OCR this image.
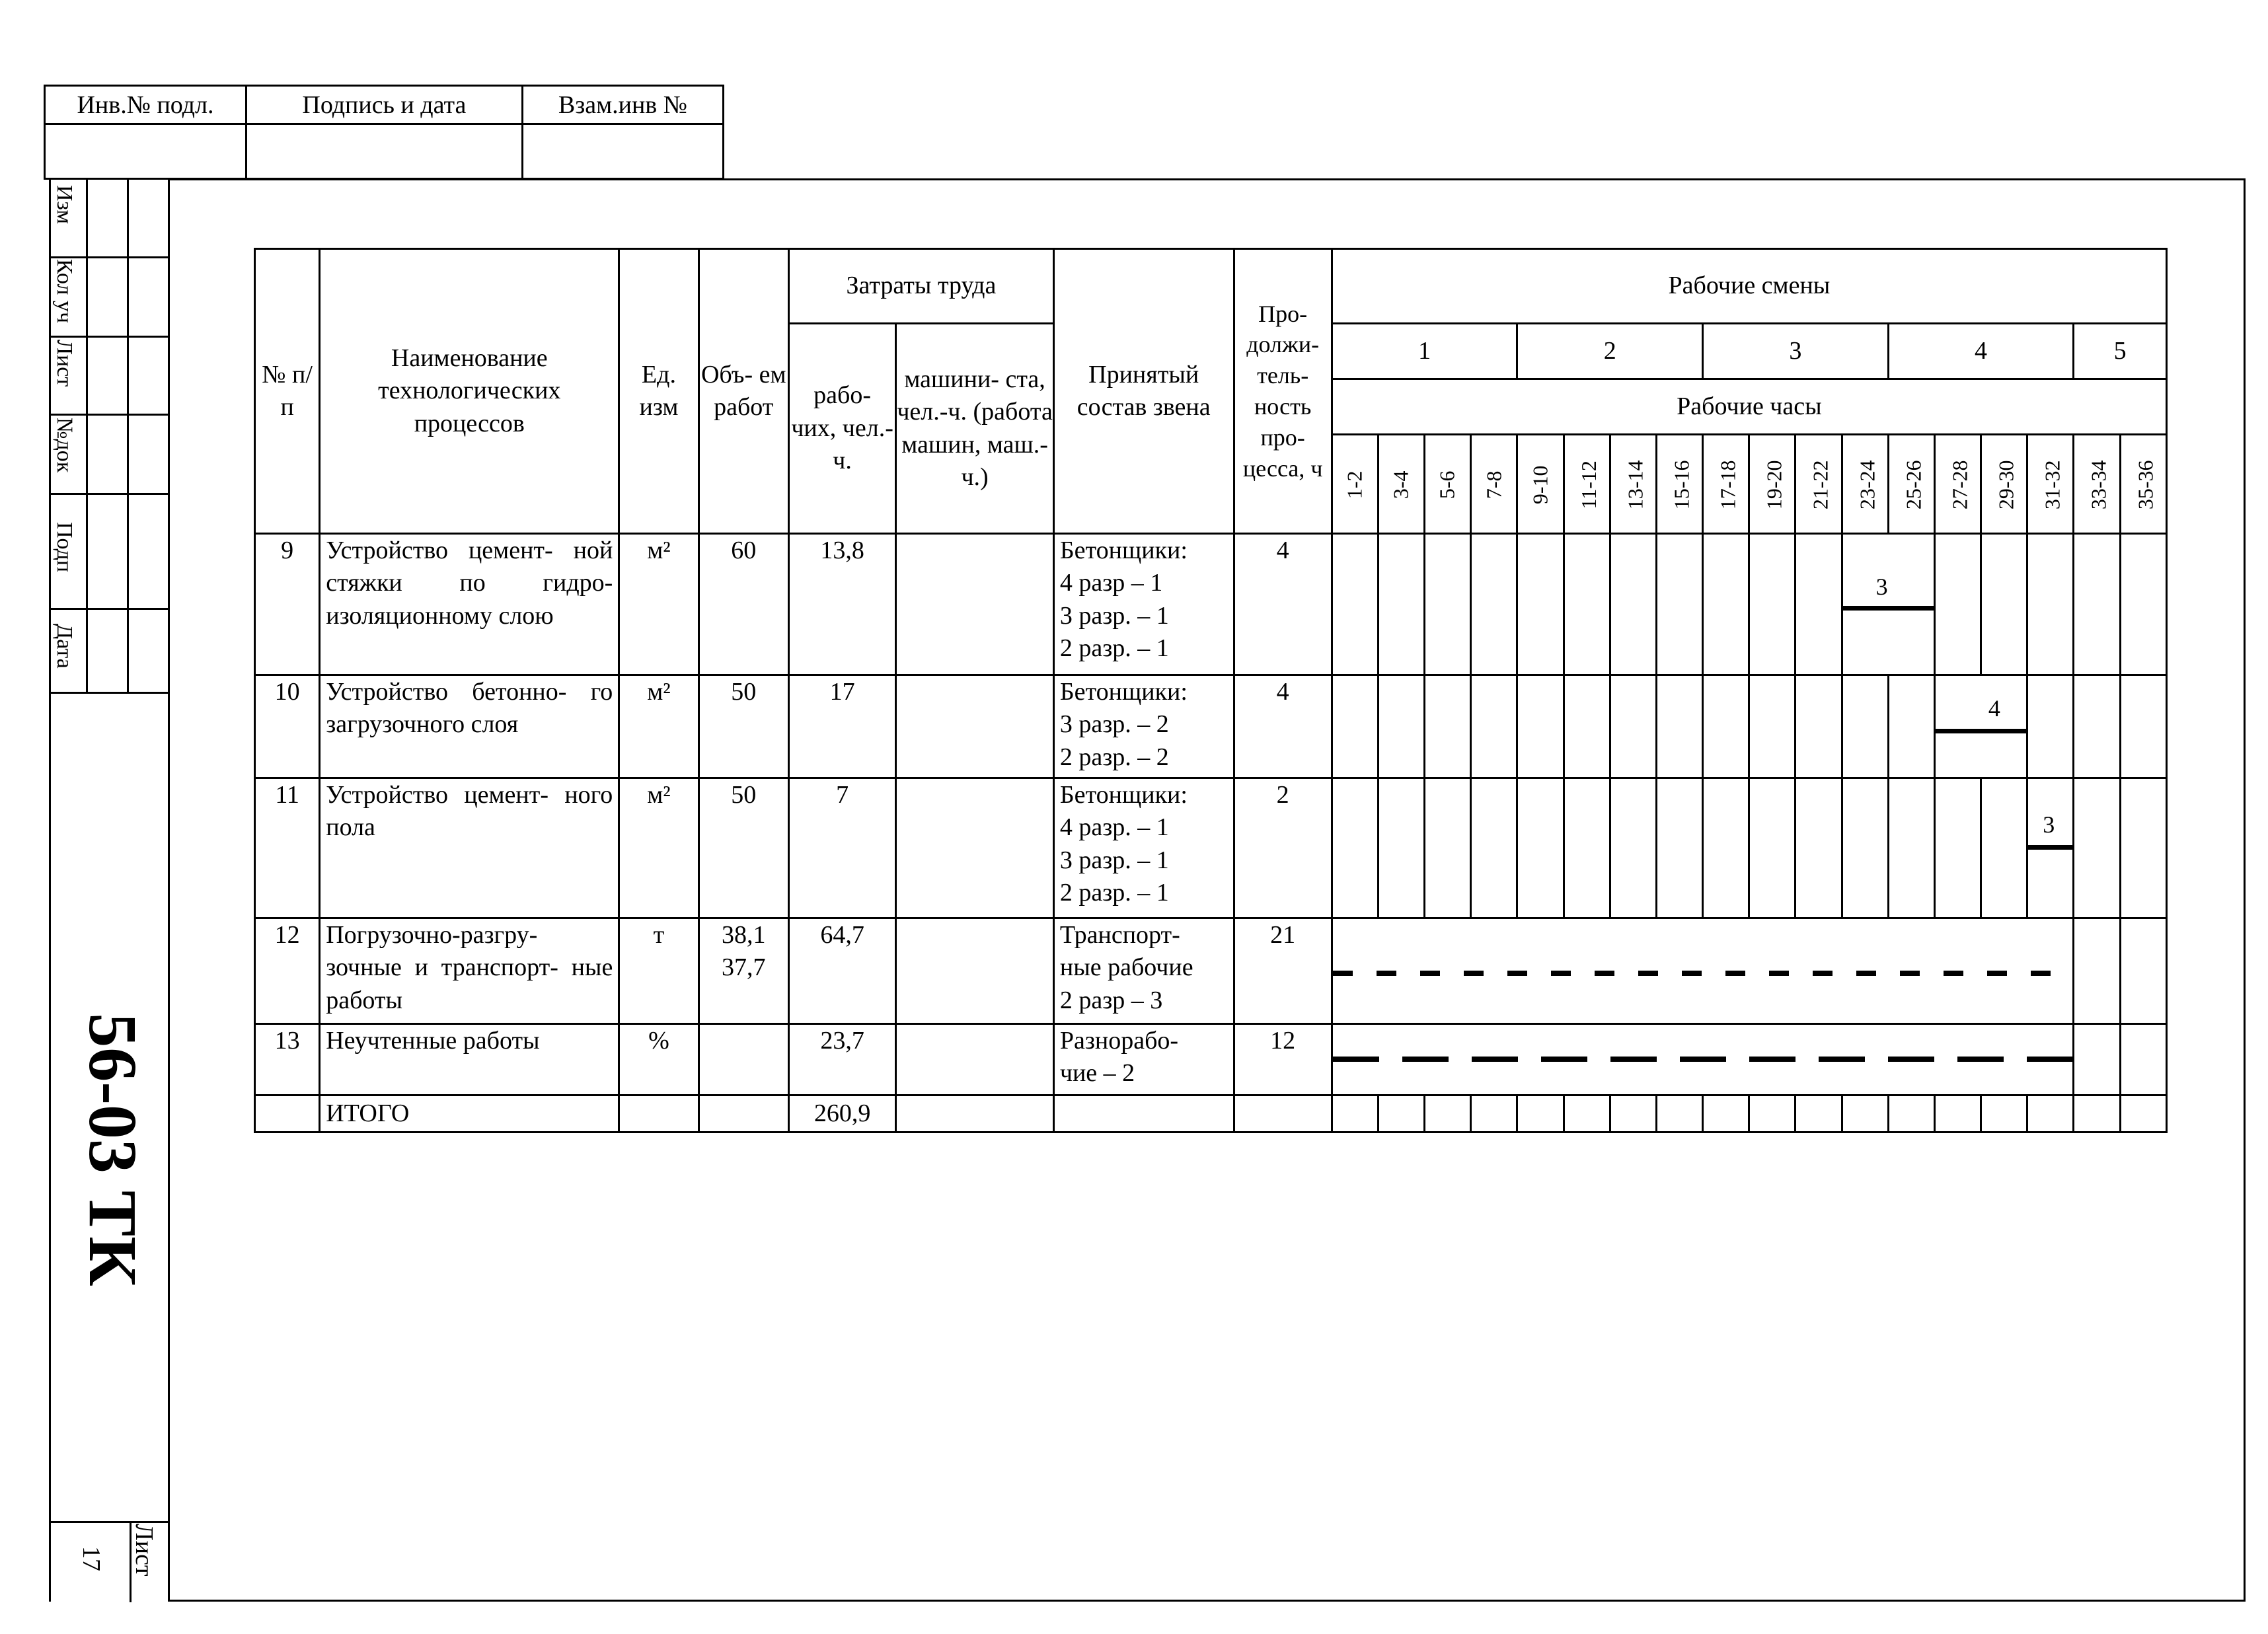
Инв.№ подл.	Подпись и дата	Взам.инв №

Изм
Кол уч
Лист
№док
Подп
Дата
56-03 ТК
Лист
17
№ п/п	Наименование технологических процессов	Ед. изм	Объ- ем работ	Затраты труда		Принятый состав звена	Про- должи- тель- ность про- цесса, ч	Рабочие смены																	
				рабо- чих, чел.-ч.	машини- ста, чел.-ч. (работа машин, маш.-ч.)			1				2				3				4				5	
								Рабочие часы																	
								1-2	3-4	5-6	7-8	9-10	11-12	13-14	15-16	17-18	19-20	21-22	23-24	25-26	27-28	29-30	31-32	33-34	35-36
9	Устройство цемент- ной стяжки по гидро- изоляционному слою	м²	60	13,8		Бетонщики:
4 разр – 1
3 разр. – 1
2 разр. – 1	4												3						

10	Устройство бетонно- го загрузочного слоя	м²	50	17		Бетонщики:
3 разр. – 2
2 разр. – 2	4														4				

11	Устройство цемент- ного пола	м²	50	7		Бетонщики:
4 разр. – 1
3 разр. – 1
2 разр. – 1	2																3		

12	Погрузочно-разгру- зочные и транспорт- ные работы	т	38,1 37,7	64,7		Транспорт-
ные рабочие
2 разр – 3	21																

13	Неучтенные работы	%		23,7		Разнорабо-
чие – 2	12																

	ИТОГО			260,9																					
